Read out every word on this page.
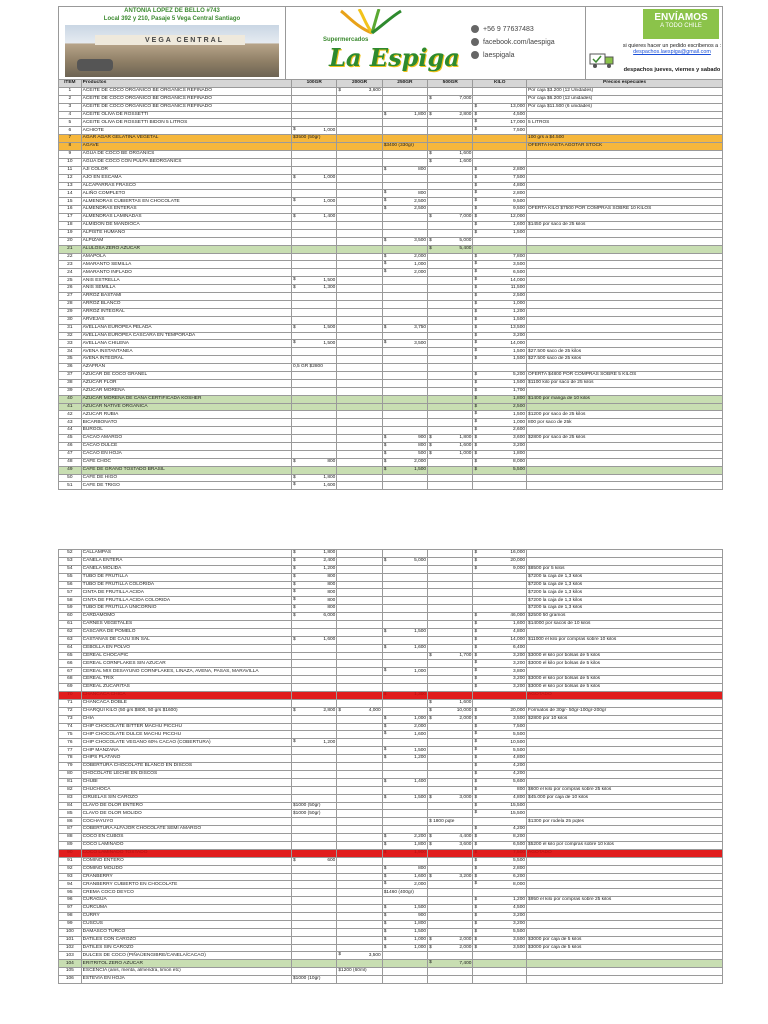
ANTONIA LOPEZ DE BELLO #743
Local 392 y 210, Pasaje 5 Vega Central Santiago
VEGA CENTRAL	Supermercados
La Espiga
+56 9 77637483
facebook.com/laespiga
laespigala
ENVÍAMOS
A TODO CHILE
si quieres hacer un pedido escribenos a :
despachos.laespiga@gmail.com
despachos jueves, viernes y sabado
ITEM	Productos	100GR	200GR	250GR	500GR	KILO	Precios especiales
1	ACEITE DE COCO ORGANICO BE ORGANICS REFINADO		$ 3,600				Por caja $3.200 (12 Unidades)
2	ACEITE DE COCO ORGANICO BE ORGANICS REFINADO				$ 7,000		Por caja $6.200 (12 unidades)
3	ACEITE DE COCO ORGANICO BE ORGANICS REFINADO					$ 13,000	Por caja $11.500 (6 unidades)
4	ACEITE OLIVA DE ROSSETTI			$ 1,800	$ 2,800	$ 4,500	
5	ACEITE OLIVA DE ROSSETTI BIDON 5 LITROS					$ 17,000	5 LITROS
6	ACHIOTE	$ 1,000				$ 7,500	
7	AGAR AGAR GELATINA VEGETAL	$3500 (50gr)					100 grs a $4.500
8	AGAVE			$3400 (330gr)			OFERTA HASTA AGOTAR STOCK
9	AGUA DE COCO BE ORGANICS				$ 1,600		
10	AGUA DE COCO CON PULPA BEORGANICS				$ 1,600		
11	AJI COLOR			$ 800		$ 2,800	
12	AJO EN ESCAMA	$ 1,000				$ 7,500	
13	ALCAPARRAS FRASCO					$ 4,800	
14	ALIÑO COMPLETO			$ 800		$ 2,800	
15	ALMENDRAS CUBIERTAS EN CHOCOLATE	$ 1,000		$ 2,500		$ 9,500	
16	ALMENDRAS ENTERAS			$ 2,500		$ 9,500	OFERTA KILO $7500 POR COMPRAS SOBRE 10 KILOS
17	ALMENDRAS LAMINADAS	$ 1,400			$ 7,000	$ 12,000	
18	ALMIDON DE MANDIOCA					$ 1,600	$1450 por saco de 25 kilos
19	ALPISTE HUMANO					$ 1,500	
20	ALPIZAM			$ 3,500	$ 5,000		
21	ALULOSA ZERO AZUCAR				$ 5,400		
22	AMAPOLA			$ 2,000		$ 7,800	
23	AMARANTO SEMILLA			$ 1,000		$ 3,500	
24	AMARANTO INFLADO			$ 2,000		$ 6,500	
25	ANIS ESTRELLA	$ 1,500				$ 14,000	
26	ANIS SEMILLA	$ 1,300				$ 11,500	
27	ARROZ BASTAMI					$ 2,500	
28	ARROZ BLANCO					$ 1,000	
29	ARROZ INTEGRAL					$ 1,200	
30	ARVEJAS					$ 1,500	
31	AVELLANA EUROPEA PELADA	$ 1,500		$ 3,750		$ 13,500	
32	AVELLANA EUROPEA CASCARA EN TEMPORADA					$ 3,200	
33	AVELLANA CHILENA	$ 1,500		$ 3,500		$ 14,000	
34	AVENA INSTANTANEA					$ 1,500	$27.500 saco de 25 kilos
35	AVENA INTEGRAL					$ 1,500	$27.500 saco de 25 kilos
36	AZAFRAN	0,5 GR $2800					
37	AZUCAR DE COCO GRANEL					$ 5,200	OFERTA $4800 POR COMPRAS SOBRE 5 KILOS
38	AZUCAR FLOR					$ 1,500	$1100 kilo por saco de 25 kilos
39	AZUCAR MORENA					$ 1,700	
40	AZUCAR MORENA DE CAÑA CERTIFICADA KOSHER					$ 1,800	$1400 por manga de 10 kilos
41	AZUCAR NATIVE ORGANICA					$ 2,500	
42	AZUCAR RUBIA					$ 1,500	$1200 por saco de 25 kilos
43	BICARBONATO					$ 1,000	800 por saco de 25k
44	BURGOL					$ 2,600	
45	CACAO AMARGO			$ 900	$ 1,800	$ 3,600	$2800 por saco de 25 kilos
46	CACAO DULCE			$ 800	$ 1,600	$ 3,200	
47	CACAO EN HOJA			$ 500	$ 1,000	$ 1,800	
48	CAFE CHOC	$ 800		$ 2,000		$ 8,000	
49	CAFE DE GRANO TOSTADO BRASIL			$ 1,500		$ 5,500	
50	CAFE DE HIGO	$ 1,800					
51	CAFE DE TRIGO	$ 1,600					
52	CALLAMPAS	$ 1,800				$ 16,000	
53	CANELA ENTERA	$ 2,400		$ 5,000		$ 20,000	
54	CANELA MOLIDA	$ 1,200				$ 9,000	$8500 por 5 kilos
55	TUBO DE FRUTILLA	$ 800					$7200 la caja de 1,3 kilos
56	TUBO DE FRUTILLA COLORIDA	$ 800					$7200 la caja de 1,3 kilos
57	CINTA DE FRUTILLA ACIDA	$ 800					$7200 la caja de 1,3 kilos
58	CINTA DE FRUTILLA ACIDA COLORIDA	$ 800					$7200 la caja de 1,3 kilos
59	TUBO DE FRUTILLA UNICORNIO	$ 800					$7200 la caja de 1,3 kilos
60	CARDAMOMO	$ 6,000				$ 46,000	$2500 50 gramos
61	CARNES VEGETALES					$ 1,600	$14000 por sacos de 10 kilos
62	CASCARA DE POMELO			$ 1,500		$ 4,800	
63	CASTAÑAS DE CAJU SIN SAL	$ 1,600				$ 14,000	$11000 el kilo por compras sobre 10 kilos
64	CEBOLLA EN POLVO			$ 1,600		$ 6,400	
65	CEREAL CHOCAPIC				$ 1,700	$ 3,200	$3000 el kilo por bolsas de 5 kilos
66	CEREAL CORNFLAKES SIN AZUCAR					$ 3,200	$3000 el kilo por bolsas de 5 kilos
67	CEREAL MIX DESAYUNO CORNFLAKES, LINAZA, AVENA, PASAS, MARAVILLA			$ 1,000		$ 3,800	
68	CEREAL TRIX					$ 3,200	$3000 el kilo por bolsas de 5 kilos
69	CEREAL ZUCARITAS					$ 3,200	$3000 el kilo por bolsas de 5 kilos
70	CHANCACA CHICA			$ 1,300			AGOTADO
71	CHANCACA DOBLE				$ 1,600		
72	CHARQUI KILO (50 grs $800, 50 grs $1600)	$ 2,800	$ 4,000		$ 10,000	$ 20,000	Formatos de 30gr- 50gr-100gr-200gr
73	CHIA			$ 1,000	$ 2,000	$ 3,500	$2800 por 10 kilos
74	CHIP CHOCOLATE BITTER MACHU PICCHU			$ 2,000		$ 7,500	
75	CHIP CHOCOLATE DULCE MACHU PICCHU			$ 1,600		$ 5,500	
76	CHIP CHOCOLATE VEGANO 60% CACAO (COBERTURA)	$ 1,200				$ 10,500	
77	CHIP MANZANA			$ 1,500		$ 5,500	
78	CHIPS PLATANO			$ 1,200		$ 4,800	
79	COBERTURA CHOCOLATE BLANCO EN DISCOS					$ 4,200	
80	CHOCOLATE LECHE EN DISCOS					$ 4,200	
81	CHUBI			$ 1,400		$ 5,600	
82	CHUCHOCA					$ 800	$600 el kilo por compras sobre 25 kilos
83	CIRUELAS SIN CAROZO			$ 1,500	$ 3,000	$ 4,800	$45.000 por caja de 10 kilos
84	CLAVO DE OLOR ENTERO	$1000 (50gr)				$ 15,500	
85	CLAVO DE OLOR MOLIDO	$1000 (50gr)				$ 15,500	
86	COCHAYUYO				$ 1800 pqte		$1300 por rodela 25 pqtes
87	COBERTURA ALFAJOR CHOCOLATE SEMI AMARGO					$ 4,200	
88	COCO EN CUBOS			$ 2,200	$ 4,400	$ 8,200	
89	COCO LAMINADO			$ 1,800	$ 3,600	$ 6,500	$5200 el kilo por compras sobre 10 kilos
90	COCO LAMINADO TOSTADO			$ 1,900		$ 7,500	AGOTADO
91	COMINO ENTERO	$ 600				$ 5,500	
92	COMINO MOLIDO			$ 800		$ 2,800	
93	CRANBERRY			$ 1,600	$ 3,200	$ 6,200	
94	CRANBERRY CUBIERTO EN CHOCOLATE			$ 2,000		$ 8,000	
95	CREMA COCO DEYCO			$1460 (400gr)			
96	CURAGUA					$ 1,200	$950 el kilo por compras sobre 25 kilos
97	CURCUMA			$ 1,500		$ 4,500	
98	CURRY			$ 900		$ 3,200	
99	CUSCUS			$ 1,800		$ 3,200	
100	DAMASCO TURCO			$ 1,500		$ 5,500	
101	DATILES CON CAROZO			$ 1,000	$ 2,000	$ 3,500	$3000 por caja de 5 kilos
102	DATILES SIN CAROZO			$ 1,000	$ 2,000	$ 3,500	$3000 por caja de 5 kilos
103	DULCES DE COCO (PIÑA/JENGIBRE/CANELA/CACAO)		$ 3,500				
104	ERITRITOL ZERO AZUCAR				$ 7,400		
105	ESCENCIA (anis, menta, almendra, limon etc)		$1200 (60ml)				
106	ESTEVIA EN HOJA	$1000 (10gr)					
